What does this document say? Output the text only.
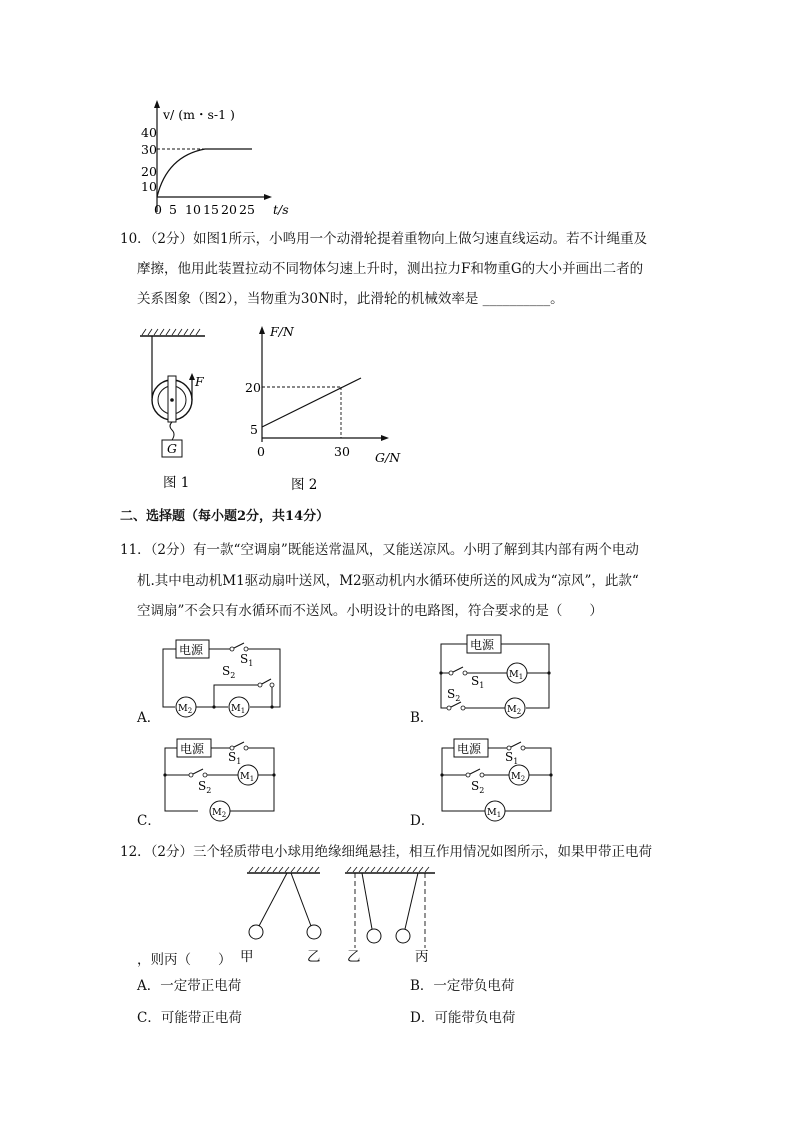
v/ (m・s-1 )
40
30
20
10
0 5 10 15 20 25 t/s
10．（2分）如图1所示，小鸣用一个动滑轮提着重物向上做匀速直线运动。若不计绳重及
摩擦，他用此装置拉动不同物体匀速上升时，测出拉力F和物重G的大小并画出二者的
关系图象（图2），当物重为30N时，此滑轮的机械效率是 __________。
F
G
图 1
F/N
20
5
0	30 G/N
图 2
二、选择题（每小题2分，共14分）
11．（2分）有一款“空调扇”既能送常温风，又能送凉风。小明了解到其内部有两个电动
机.其中电动机M1驱动扇叶送风，M2驱动机内水循环使所送的风成为“凉风”，此款“
空调扇”不会只有水循环而不送风。小明设计的电路图，符合要求的是（　　）
A．
电源
$S_1$
$S_2$
$M_2$	$M_1$	B．
电源
$S_1$
$S_2$
$M_1$
$M_2$
C．
电源
$S_1$
$S_2$
$M_1$
$M_2$	D．
电源
$S_1$
$S_2$
$M_2$
$M_1$
12．（2分）三个轻质带电小球用绝缘细绳悬挂，相互作用情况如图所示，如果甲带正电荷
甲	乙 乙	丙
，则丙（　　）
A．一定带正电荷	B．一定带负电荷
C．可能带正电荷	D．可能带负电荷
